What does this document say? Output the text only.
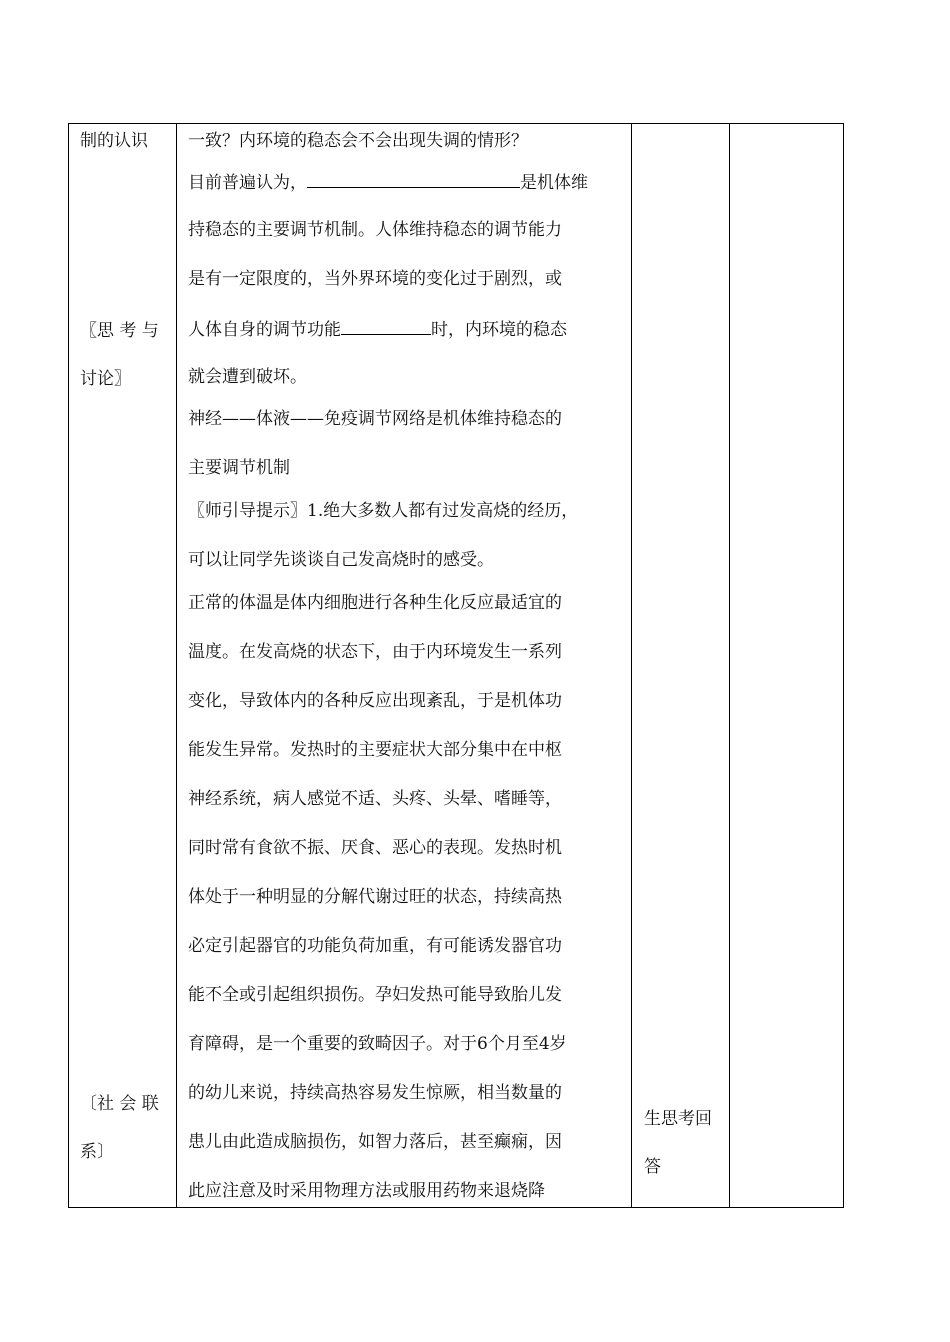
制的认识
〖思 考 与
讨论〗
〔社 会 联
系〕
一致？内环境的稳态会不会出现失调的情形？
目前普遍认为，	是机体维
持稳态的主要调节机制。人体维持稳态的调节能力
是有一定限度的，当外界环境的变化过于剧烈，或
人体自身的调节功能	时，内环境的稳态
就会遭到破坏。
神经——体液——免疫调节网络是机体维持稳态的
主要调节机制
〖师引导提示〗1.绝大多数人都有过发高烧的经历，
可以让同学先谈谈自己发高烧时的感受。
正常的体温是体内细胞进行各种生化反应最适宜的
温度。在发高烧的状态下，由于内环境发生一系列
变化，导致体内的各种反应出现紊乱，于是机体功
能发生异常。发热时的主要症状大部分集中在中枢
神经系统，病人感觉不适、头疼、头晕、嗜睡等，
同时常有食欲不振、厌食、恶心的表现。发热时机
体处于一种明显的分解代谢过旺的状态，持续高热
必定引起器官的功能负荷加重，有可能诱发器官功
能不全或引起组织损伤。孕妇发热可能导致胎儿发
育障碍，是一个重要的致畸因子。对于6个月至4岁
的幼儿来说，持续高热容易发生惊厥，相当数量的
患儿由此造成脑损伤，如智力落后，甚至癫痫，因
此应注意及时采用物理方法或服用药物来退烧降
生思考回
答
